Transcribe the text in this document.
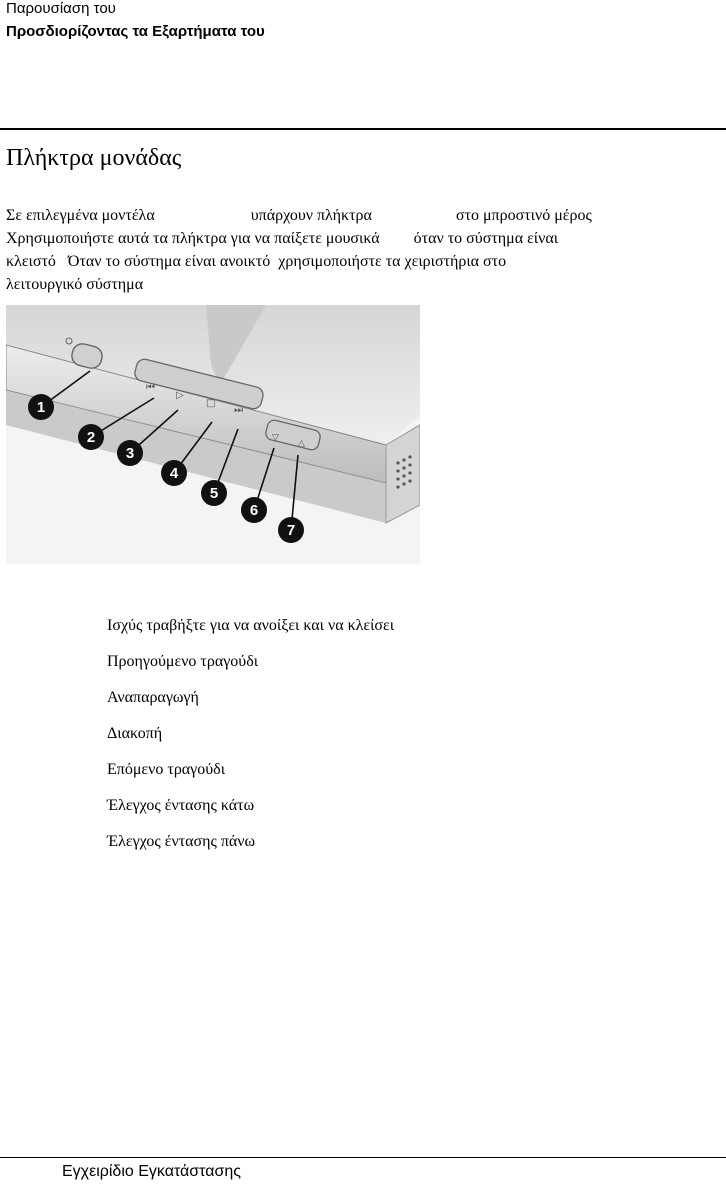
Παρουσίαση του
Προσδιορίζοντας τα Εξαρτήματα του
Πλήκτρα μονάδας
Σε επιλεγμένα μοντέλα	υπάρχουν πλήκτρα	στο μπροστινό μέρος
Χρησιμοποιήστε αυτά τα πλήκτρα για να παίξετε μουσικά όταν το σύστημα είναι
κλειστό Όταν το σύστημα είναι ανοικτό χρησιμοποιήστε τα χειριστήρια στο
λειτουργικό σύστημα
⏮
▷
□
⏭
▽
△
1
2
3
4
5
6
7
Ισχύς τραβήξτε για να ανοίξει και να κλείσει
Προηγούμενο τραγούδι
Αναπαραγωγή
Διακοπή
Επόμενο τραγούδι
Έλεγχος έντασης κάτω
Έλεγχος έντασης πάνω
Εγχειρίδιο Εγκατάστασης
